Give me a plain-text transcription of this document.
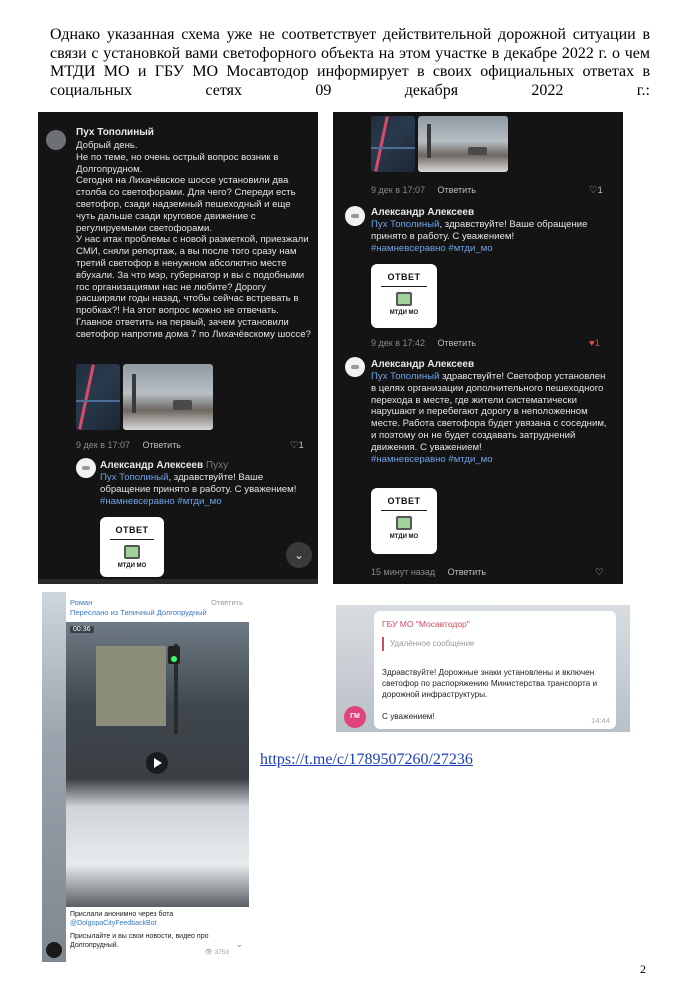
Однако указанная схема уже не соответствует действительной дорожной ситуации в связи с установкой вами светофорного объекта на этом участке в декабре 2022 г. о чем МТДИ МО и ГБУ МО Мосавтодор информирует в своих официальных ответах в социальных сетях 09 декабря 2022 г.:

Пух Тополиный
Добрый день.
Не по теме, но очень острый вопрос возник в Долгопрудном.
Сегодня на Лихачёвское шоссе установили два столба со светофорами. Для чего? Спереди есть светофор, сзади надземный пешеходный и еще чуть дальше сзади круговое движение с регулируемыми светофорами.
У нас итак проблемы с новой разметкой, приезжали СМИ, сняли репортаж, а вы после того сразу нам третий светофор в ненужном абсолютно месте вбухали. За что мэр, губернатор и вы с подобными гос организациями нас не любите? Дорогу расширяли годы назад, чтобы сейчас встревать в пробках?! На этот вопрос можно не отвечать. Главное ответить на первый, зачем установили светофор напротив дома 7 по Лихачёвскому шоссе?
9 дек в 17:07 Ответить	♡1
Александр Алексеев Пуху
Пух Тополиный, здравствуйте! Ваше обращение принято в работу. С уважением!
#намневсеравно #мтди_мо
ОТВЕТ
МТДИ МО
⌄
9 дек в 17:07 Ответить	♡1
Александр Алексеев
Пух Тополиный, здравствуйте! Ваше обращение принято в работу. С уважением!
#намневсеравно #мтди_мо
ОТВЕТ
МТДИ МО
9 дек в 17:42 Ответить	♥1
Александр Алексеев
Пух Тополиный здравствуйте! Светофор установлен в целях организации дополнительного пешеходного перехода в месте, где жители систематически нарушают и перебегают дорогу в неположенном месте. Работа светофора будет увязана с соседним, и поэтому он не будет создавать затруднений движения. С уважением!
#намневсеравно #мтди_мо
ОТВЕТ
МТДИ МО
15 минут назад Ответить	♡
Роман
Переслано из Типичный Долгопрудный
Ответить
00:36
Прислали анонимно через бота
@DolgopaCityFeedbackBot
Присылайте и вы свои новости, видео про Долгопрудный.
👁 3753
⌄
ГБУ МО "Мосавтодор"
Удалённое сообщение
Здравствуйте! Дорожные знаки установлены и включен светофор по распоряжению Министерства транспорта и дорожной инфраструктуры.

С уважением!	14:44
ГМ
https://t.me/c/1789507260/27236
2
